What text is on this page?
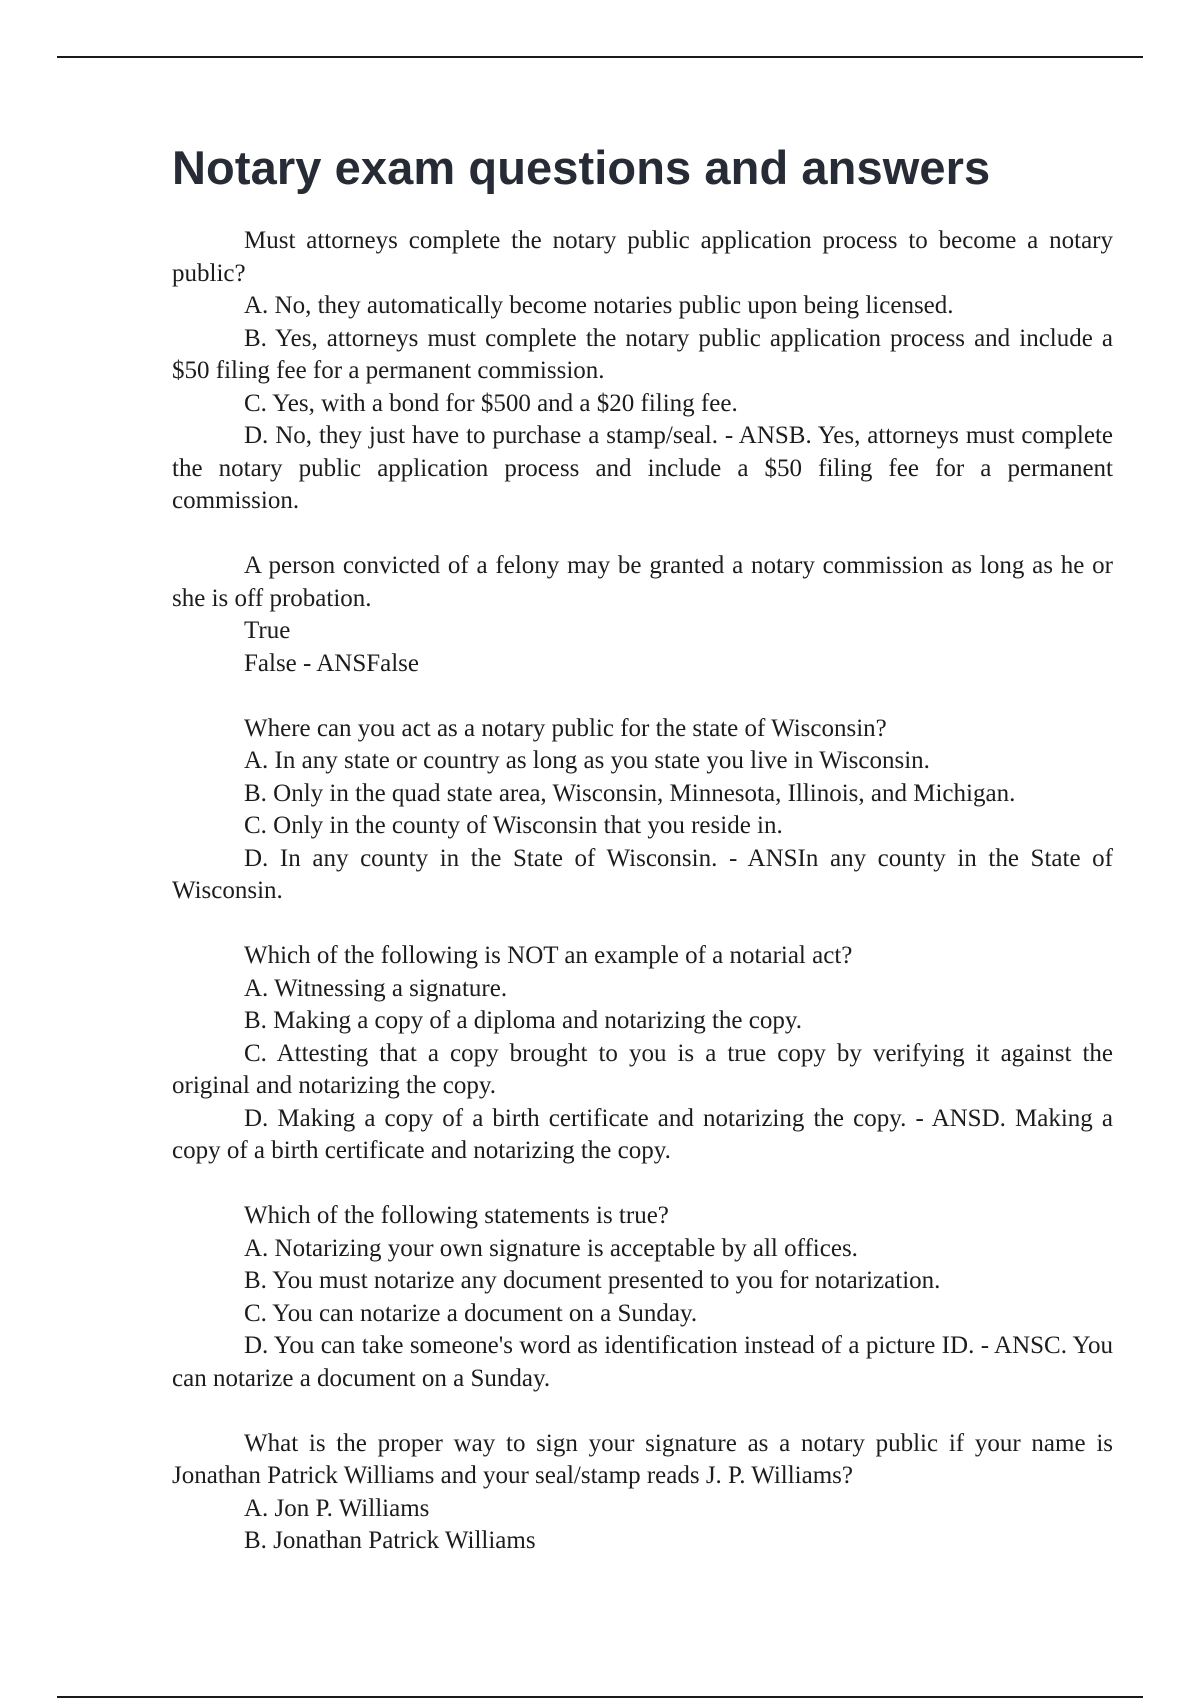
Notary exam questions and answers

Must attorneys complete the notary public application process to become a notary public?

A. No, they automatically become notaries public upon being licensed.

B. Yes, attorneys must complete the notary public application process and include a $50 filing fee for a permanent commission.

C. Yes, with a bond for $500 and a $20 filing fee.

D. No, they just have to purchase a stamp/seal. - ANSB. Yes, attorneys must complete the notary public application process and include a $50 filing fee for a permanent commission.

A person convicted of a felony may be granted a notary commission as long as he or she is off probation.

True

False - ANSFalse

Where can you act as a notary public for the state of Wisconsin?

A. In any state or country as long as you state you live in Wisconsin.

B. Only in the quad state area, Wisconsin, Minnesota, Illinois, and Michigan.

C. Only in the county of Wisconsin that you reside in.

D. In any county in the State of Wisconsin. - ANSIn any county in the State of Wisconsin.

Which of the following is NOT an example of a notarial act?

A. Witnessing a signature.

B. Making a copy of a diploma and notarizing the copy.

C. Attesting that a copy brought to you is a true copy by verifying it against the original and notarizing the copy.

D. Making a copy of a birth certificate and notarizing the copy. - ANSD. Making a copy of a birth certificate and notarizing the copy.

Which of the following statements is true?

A. Notarizing your own signature is acceptable by all offices.

B. You must notarize any document presented to you for notarization.

C. You can notarize a document on a Sunday.

D. You can take someone's word as identification instead of a picture ID. - ANSC. You can notarize a document on a Sunday.

What is the proper way to sign your signature as a notary public if your name is Jonathan Patrick Williams and your seal/stamp reads J. P. Williams?

A. Jon P. Williams

B. Jonathan Patrick Williams
